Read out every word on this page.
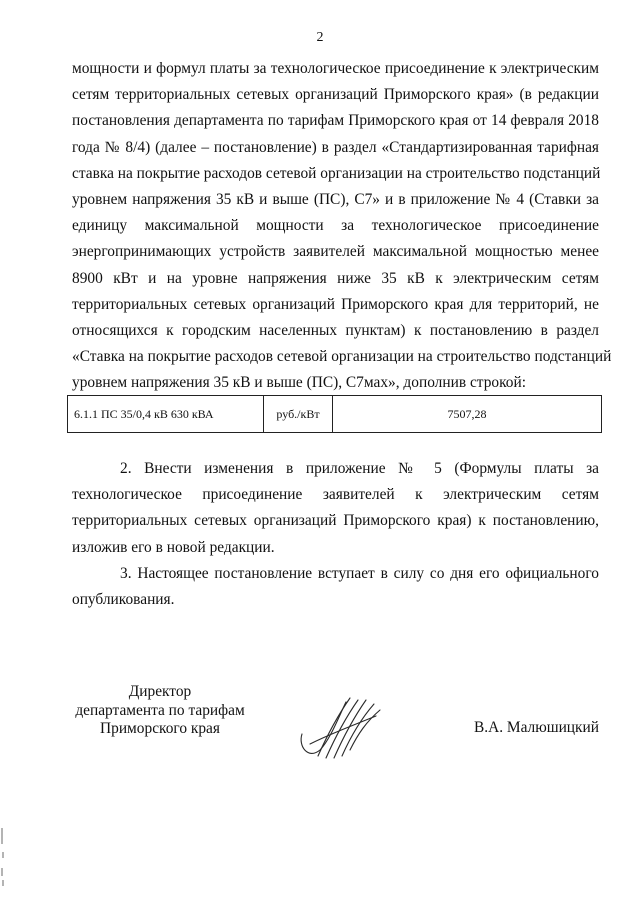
2
мощности и формул платы за технологическое присоединение к электрическим
сетям территориальных сетевых организаций Приморского края» (в редакции
постановления департамента по тарифам Приморского края от 14 февраля 2018
года № 8/4) (далее – постановление) в раздел «Стандартизированная тарифная
ставка на покрытие расходов сетевой организации на строительство подстанций
уровнем напряжения 35 кВ и выше (ПС), С7» и в приложение № 4 (Ставки за
единицу максимальной мощности за технологическое присоединение
энергопринимающих устройств заявителей максимальной мощностью менее
8900 кВт и на уровне напряжения ниже 35 кВ к электрическим сетям
территориальных сетевых организаций Приморского края для территорий, не
относящихся к городским населенных пунктам) к постановлению в раздел
«Ставка на покрытие расходов сетевой организации на строительство подстанций
уровнем напряжения 35 кВ и выше (ПС), С7мах», дополнив строкой:
6.1.1 ПС 35/0,4 кВ 630 кВА	руб./кВт	7507,28
2. Внести изменения в приложение № 5 (Формулы платы за
технологическое присоединение заявителей к электрическим сетям
территориальных сетевых организаций Приморского края) к постановлению,
изложив его в новой редакции.
3. Настоящее постановление вступает в силу со дня его официального
опубликования.
Директор
департамента по тарифам
Приморского края	В.А. Малюшицкий
